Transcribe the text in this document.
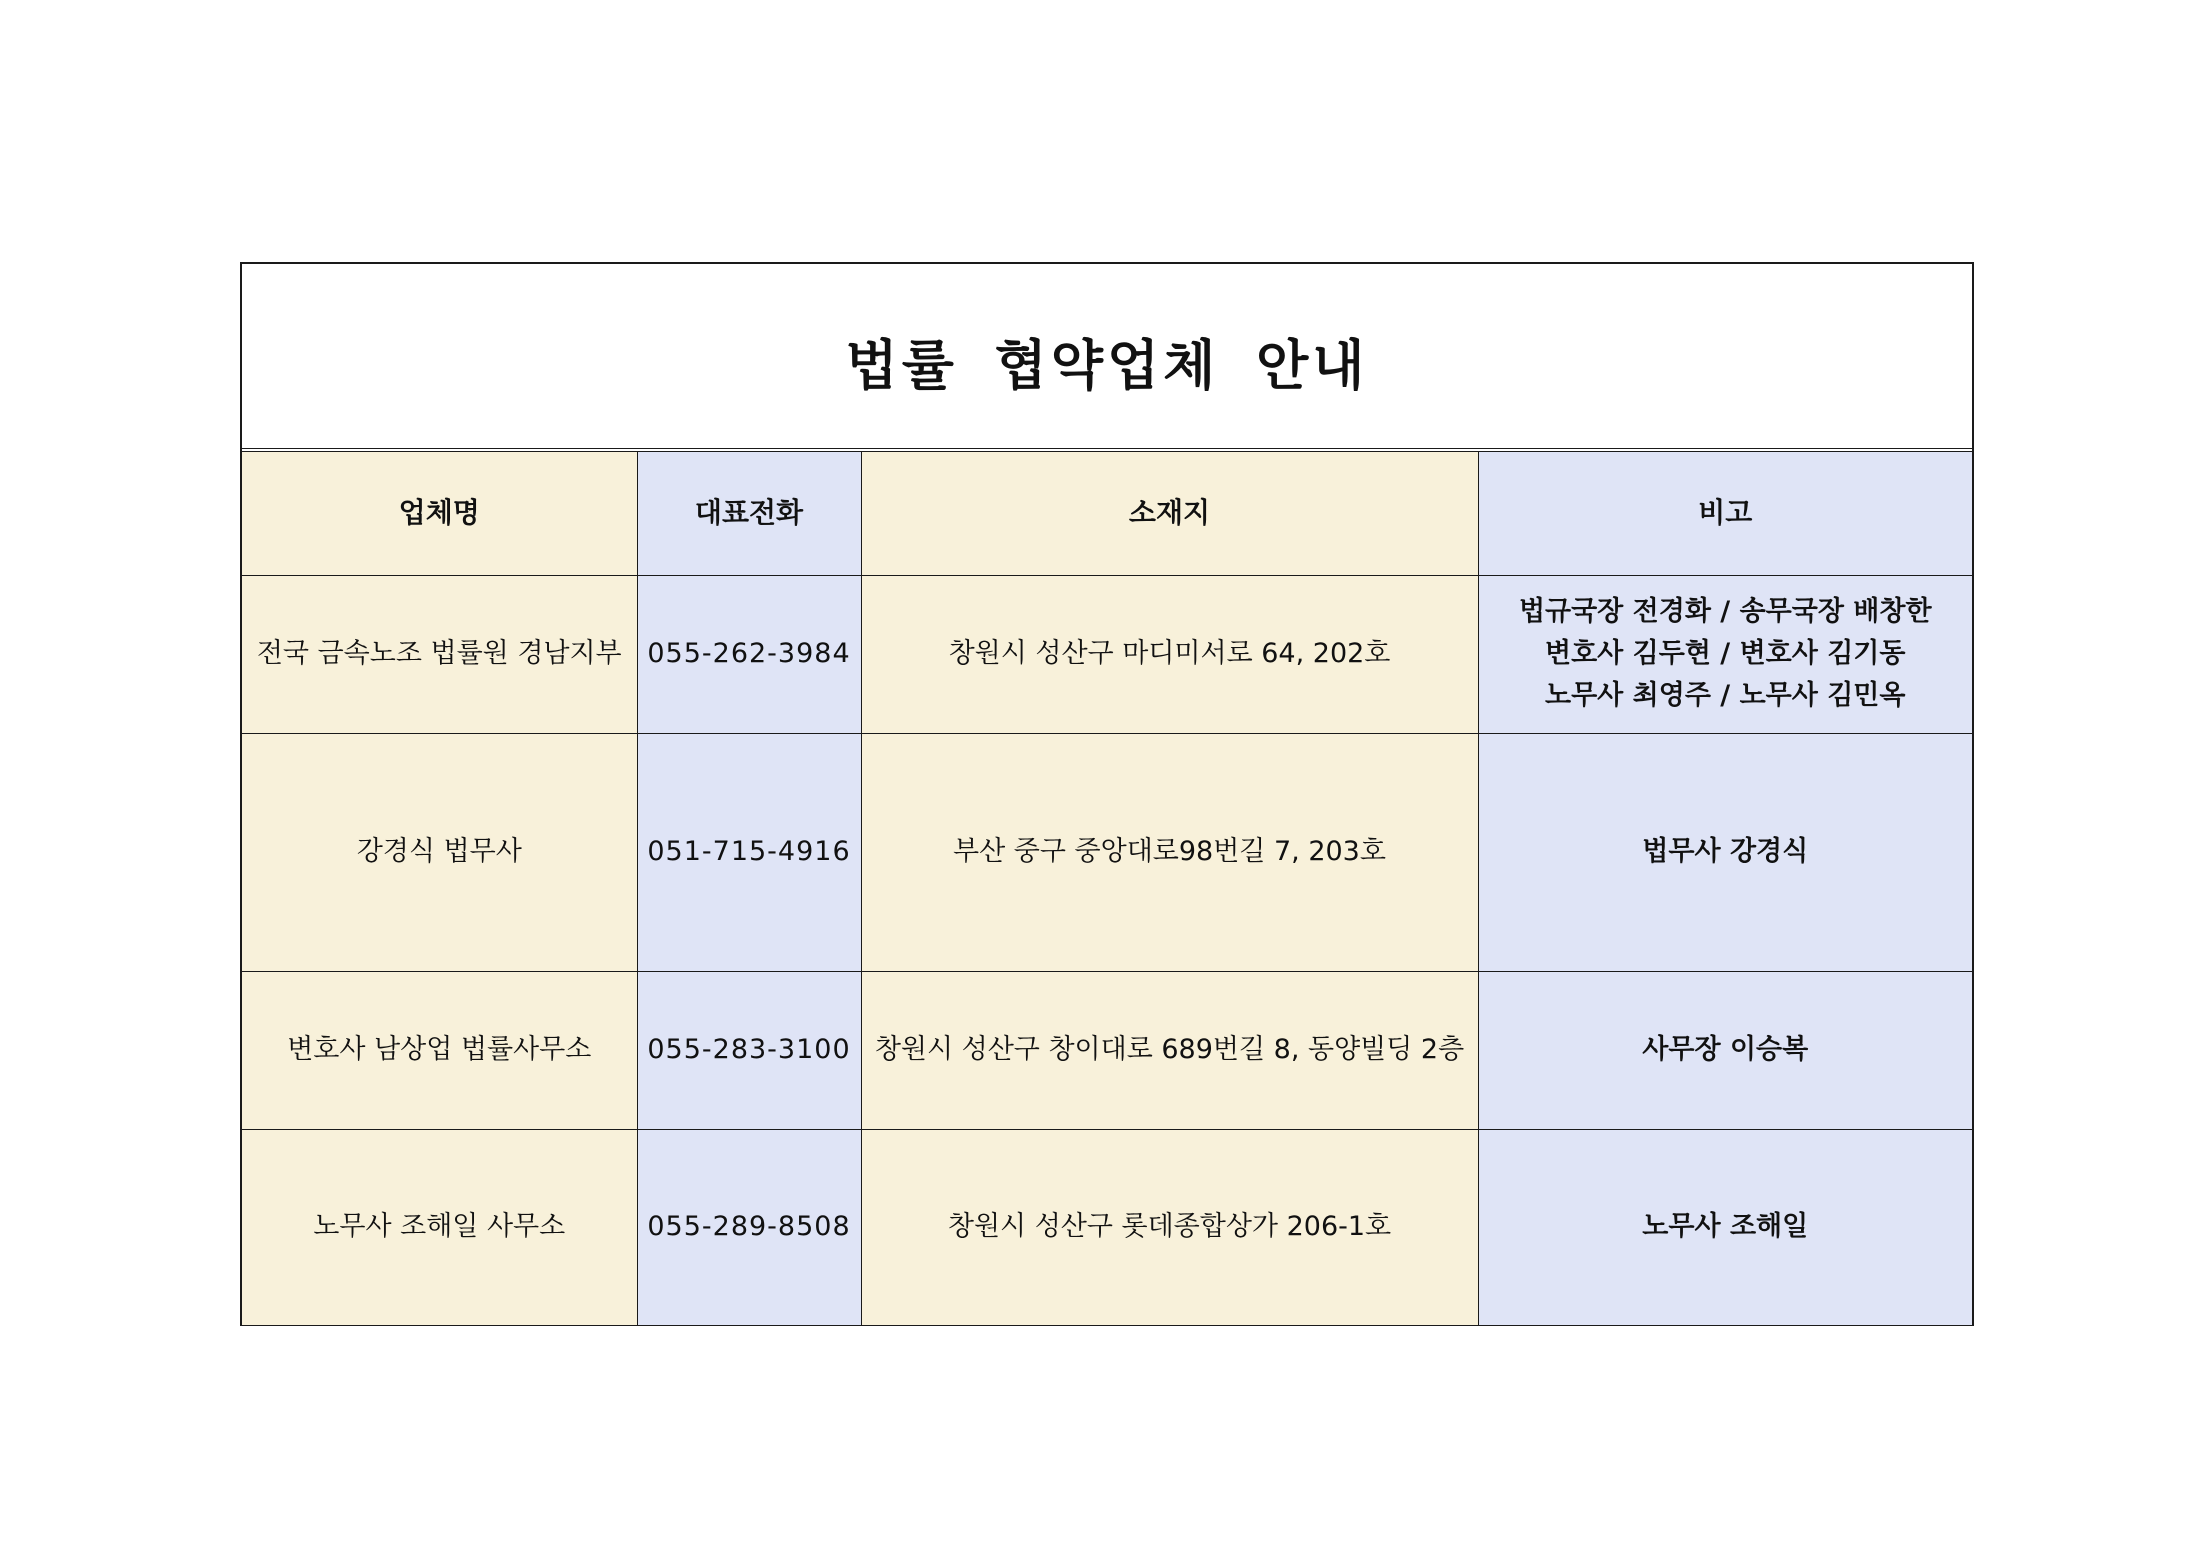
법률 협약업체 안내
업체명	대표전화	소재지	비고
전국 금속노조 법률원 경남지부	055-262-3984	창원시 성산구 마디미서로 64, 202호	법규국장 전경화 / 송무국장 배창한
변호사 김두현 / 변호사 김기동
노무사 최영주 / 노무사 김민옥

강경식 법무사	051-715-4916	부산 중구 중앙대로98번길 7, 203호	법무사 강경식

변호사 남상업 법률사무소	055-283-3100	창원시 성산구 창이대로 689번길 8, 동양빌딩 2층	사무장 이승복

노무사 조해일 사무소	055-289-8508	창원시 성산구 롯데종합상가 206-1호	노무사 조해일
